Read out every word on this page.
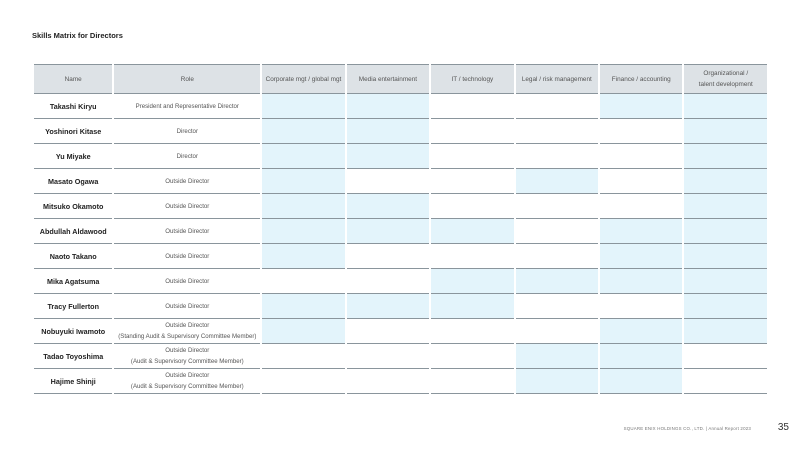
Skills Matrix for Directors
Name	Role	Corporate mgt / global mgt	Media entertainment	IT / technology	Legal / risk management	Finance / accounting	Organizational /
talent development
Takashi Kiryu	President and Representative Director						
Yoshinori Kitase	Director						
Yu Miyake	Director						
Masato Ogawa	Outside Director						
Mitsuko Okamoto	Outside Director						
Abdullah Aldawood	Outside Director						
Naoto Takano	Outside Director						
Mika Agatsuma	Outside Director						
Tracy Fullerton	Outside Director						
Nobuyuki Iwamoto	Outside Director
(Standing Audit & Supervisory Committee Member)						
Tadao Toyoshima	Outside Director
(Audit & Supervisory Committee Member)						
Hajime Shinji	Outside Director
(Audit & Supervisory Committee Member)						
SQUARE ENIX HOLDINGS CO., LTD. | Annual Report 2023	35
